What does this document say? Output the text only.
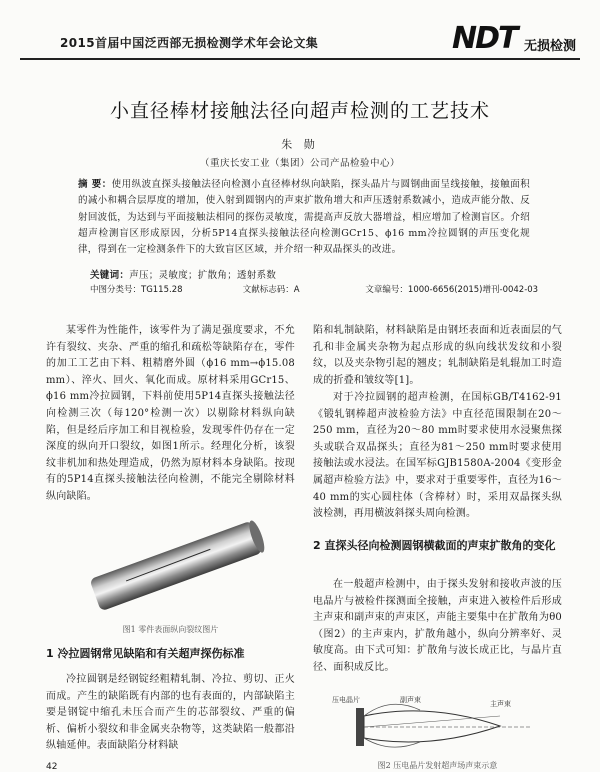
2015首届中国泛西部无损检测学术年会论文集	NDT 无损检测
小直径棒材接触法径向超声检测的工艺技术
朱 勋
（重庆长安工业（集团）公司产品检验中心）
摘 要：使用纵波直探头接触法径向检测小直径棒材纵向缺陷，探头晶片与圆钢曲面呈线接触，接触面积的减小和耦合层厚度的增加，使入射到圆钢内的声束扩散角增大和声压透射系数减小，造成声能分散、反射回波低，为达到与平面接触法相同的探伤灵敏度，需提高声反放大器增益，相应增加了检测盲区。介绍超声检测盲区形成原因，分析5P14直探头接触法径向检测GCr15、ϕ16 mm冷拉圆钢的声压变化规律，得到在一定检测条件下的大致盲区区域，并介绍一种双晶探头的改进。
关键词：声压；灵敏度；扩散角；透射系数
中图分类号：TG115.28	文献标志码：A	文章编号：1000-6656(2015)增刊-0042-03

某零件为性能件，该零件为了满足强度要求，不允许有裂纹、夹杂、严重的缩孔和疏松等缺陷存在，零件的加工工艺由下料、粗精磨外圆（ϕ16 mm→ϕ15.08 mm）、淬火、回火、氧化而成。原材料采用GCr15、ϕ16 mm冷拉圆钢，下料前使用5P14直探头接触法径向检测三次（每120°检测一次）以剔除材料纵向缺陷，但是经后序加工和目视检验，发现零件仍存在一定深度的纵向开口裂纹，如图1所示。经理化分析，该裂纹非机加和热处理造成，仍然为原材料本身缺陷。按现有的5P14直探头接触法径向检测，不能完全剔除材料纵向缺陷。

图1 零件表面纵向裂纹图片
1 冷拉圆钢常见缺陷和有关超声探伤标准

冷拉圆钢是经钢锭经粗精轧制、冷拉、剪切、正火而成。产生的缺陷既有内部的也有表面的，内部缺陷主要是钢锭中缩孔未压合而产生的芯部裂纹、严重的偏析、偏析小裂纹和非金属夹杂物等，这类缺陷一般都沿纵轴延伸。表面缺陷分材料缺

陷和轧制缺陷，材料缺陷是由钢坯表面和近表面层的气孔和非金属夹杂物为起点形成的纵向线状发纹和小裂纹，以及夹杂物引起的翘皮；轧制缺陷是轧辊加工时造成的折叠和皱纹等[1]。

对于冷拉圆钢的超声检测，在国标GB/T4162-91《锻轧钢棒超声波检验方法》中直径范围限制在20～250 mm，直径为20～80 mm时要求使用水浸聚焦探头或联合双晶探头；直径为81～250 mm时要求使用接触法或水浸法。在国军标GJB1580A-2004《变形金属超声检验方法》中，要求对于重要零件，直径为16～40 mm的实心圆柱体（含棒材）时，采用双晶探头纵波检测，再用横波斜探头周向检测。

2 直探头径向检测圆钢横截面的声束扩散角的变化

在一般超声检测中，由于探头发射和接收声波的压电晶片与被检件探测面全接触，声束进入被检件后形成主声束和副声束的声束区，声能主要集中在扩散角为θ0（图2）的主声束内，扩散角越小，纵向分辨率好、灵敏度高。由下式可知：扩散角与波长成正比，与晶片直径、面积成反比。

压电晶片	副声束	主声束
图2 压电晶片发射超声场声束示意
42
